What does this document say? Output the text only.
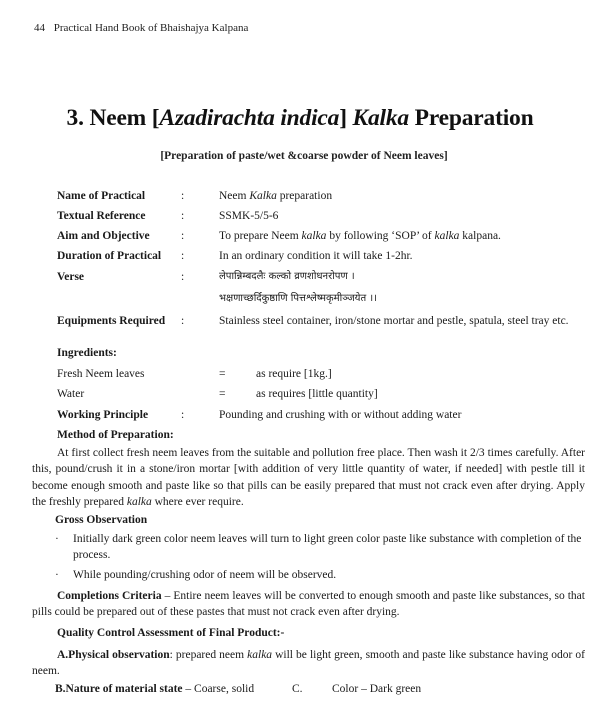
44 Practical Hand Book of Bhaishajya Kalpana
3. Neem [Azadirachta indica] Kalka Preparation
[Preparation of paste/wet &coarse powder of Neem leaves]
Name of Practical	:	Neem Kalka preparation
Textual Reference	:	SSMK-5/5-6
Aim and Objective	:	To prepare Neem kalka by following ‘SOP’ of kalka kalpana.
Duration of Practical :	In an ordinary condition it will take 1-2hr.
Verse	:	लेपान्निम्बदलैः कल्को व्रणशोधनरोपण ।
भक्षणाच्छर्दिकुष्ठाणि पित्तश्लेष्मकृमीञ्जयेत ।।
Equipments Required :	Stainless steel container, iron/stone mortar and pestle, spatula, steel tray etc.
Ingredients:
Fresh Neem leaves	=	as require [1kg.]
Water	=	as requires [little quantity]
Working Principle	:	Pounding and crushing with or without adding water
Method of Preparation:

At first collect fresh neem leaves from the suitable and pollution free place. Then wash it 2/3 times carefully. After this, pound/crush it in a stone/iron mortar [with addition of very little quantity of water, if needed] with pestle till it become enough smooth and paste like so that pills can be easily prepared that must not crack even after drying. Apply the freshly prepared kalka where ever require.

Gross Observation
· Initially dark green color neem leaves will turn to light green color paste like substance with completion of the process.
· While pounding/crushing odor of neem will be observed.

Completions Criteria – Entire neem leaves will be converted to enough smooth and paste like substances, so that pills could be prepared out of these pastes that must not crack even after drying.

Quality Control Assessment of Final Product:-

A.Physical observation: prepared neem kalka will be light green, smooth and paste like substance having odor of neem.

B.Nature of material state – Coarse, solid	C.	Color – Dark green
